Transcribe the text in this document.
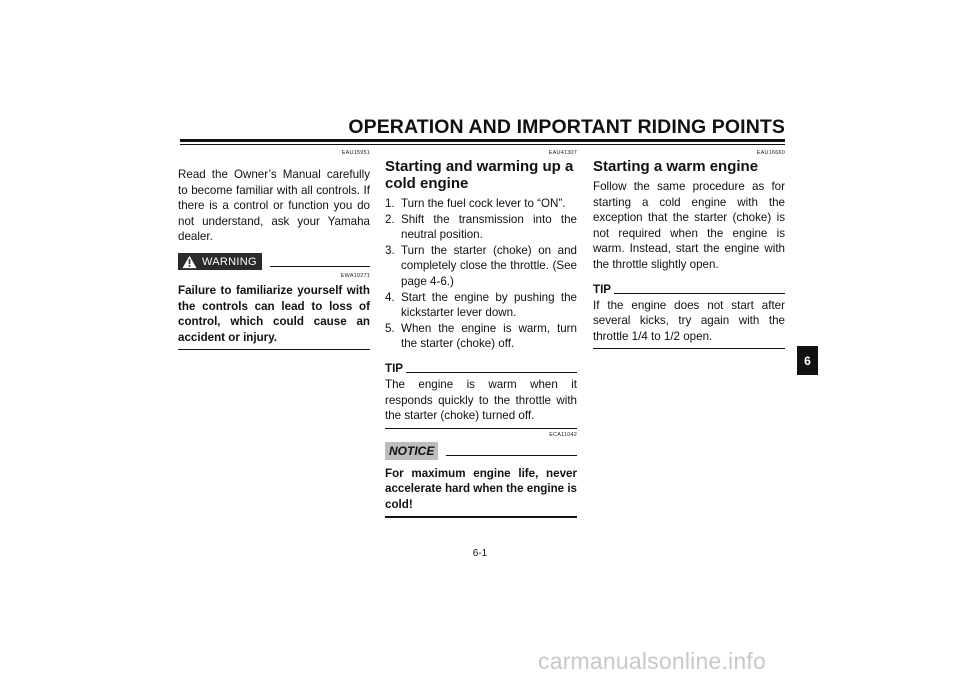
OPERATION AND IMPORTANT RIDING POINTS
EAU15951

Read the Owner’s Manual carefully to become familiar with all controls. If there is a control or function you do not understand, ask your Yamaha dealer.

WARNING
EWA10271

Failure to familiarize yourself with the controls can lead to loss of control, which could cause an accident or injury.

EAU41307
Starting and warming up a cold engine
1. Turn the fuel cock lever to “ON”.
2. Shift the transmission into the neutral position.
3. Turn the starter (choke) on and completely close the throttle. (See page 4-6.)
4. Start the engine by pushing the kickstarter lever down.
5. When the engine is warm, turn the starter (choke) off.
TIP

The engine is warm when it responds quickly to the throttle with the starter (choke) turned off.

ECA11042
NOTICE

For maximum engine life, never accelerate hard when the engine is cold!

EAU16660
Starting a warm engine

Follow the same procedure as for starting a cold engine with the exception that the starter (choke) is not required when the engine is warm. Instead, start the engine with the throttle slightly open.

TIP

If the engine does not start after several kicks, try again with the throttle 1/4 to 1/2 open.

6
6-1
carmanualsonline.info
